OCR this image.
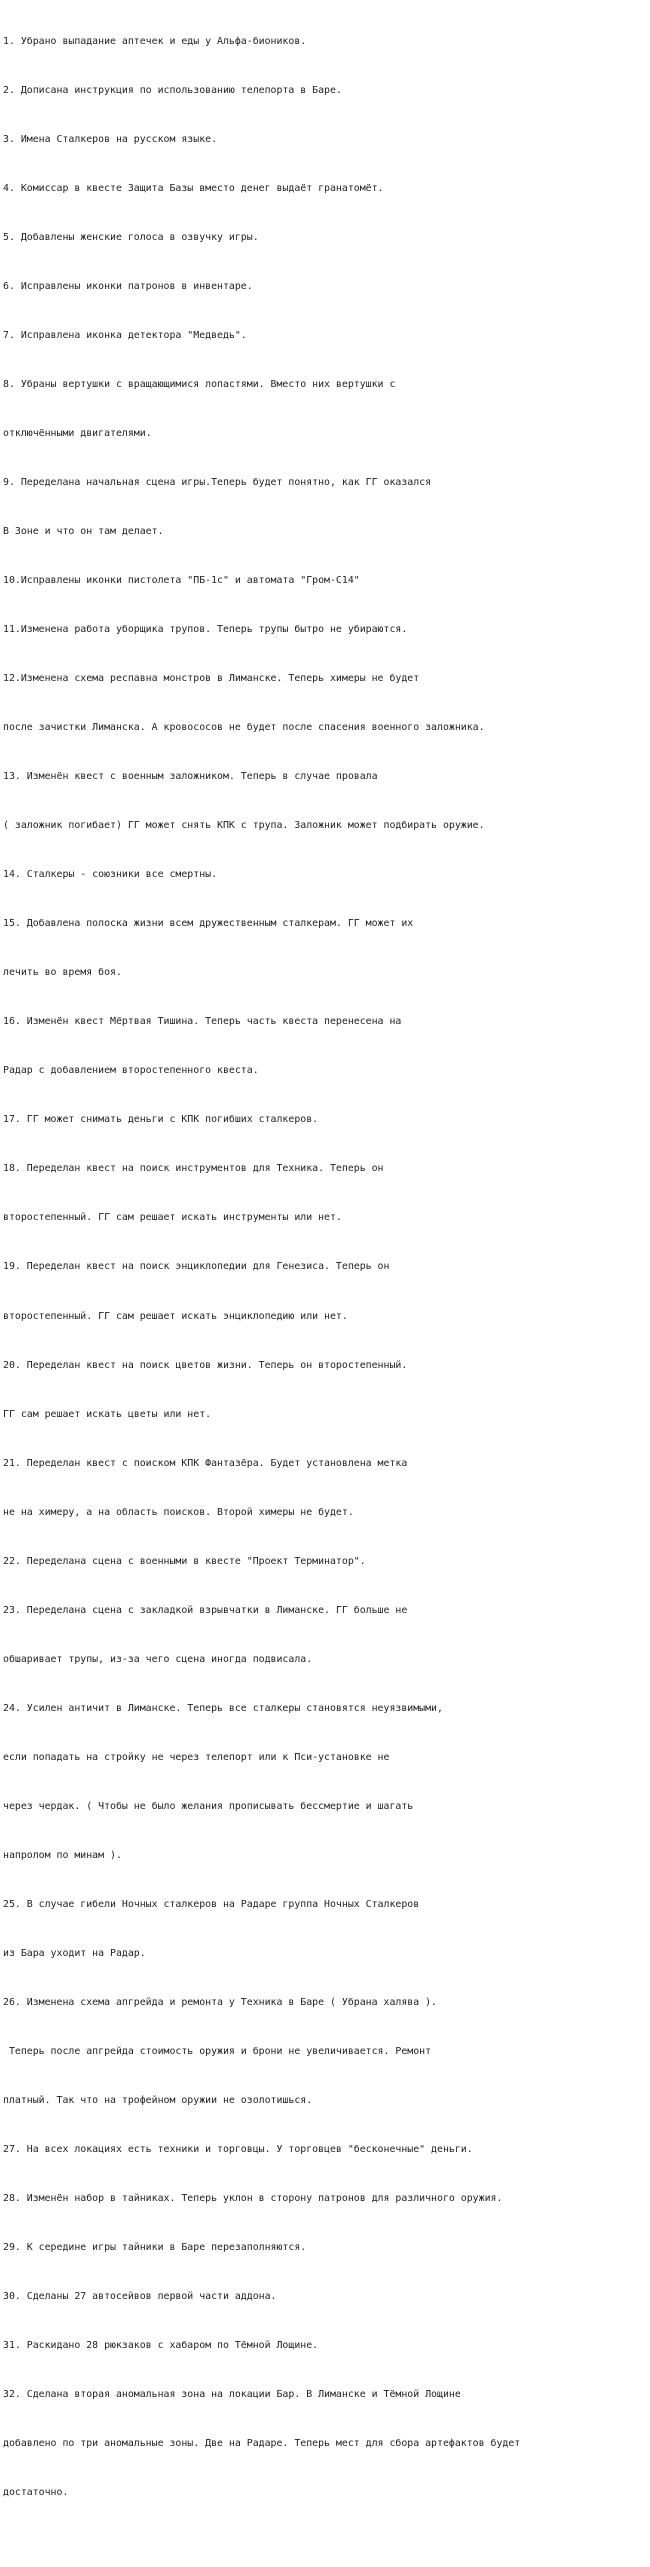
1. Убрано выпадание аптечек и еды у Альфа-биоников.

2. Дописана инструкция по использованию телепорта в Баре.

3. Имена Сталкеров на русском языке.

4. Комиссар в квесте Защита Базы вместо денег выдаёт гранатомёт.

5. Добавлены женские голоса в озвучку игры.

6. Исправлены иконки патронов в инвентаре.

7. Исправлена иконка детектора "Медведь".

8. Убраны вертушки с вращающимися лопастями. Вместо них вертушки с

отключёнными двигателями.

9. Переделана начальная сцена игры.Теперь будет понятно, как ГГ оказался

В Зоне и что он там делает.

10.Исправлены иконки пистолета "ПБ-1с" и автомата "Гром-С14"

11.Изменена работа уборщика трупов. Теперь трупы бытро не убираются.

12.Изменена схема респавна монстров в Лиманске. Теперь химеры не будет

после зачистки Лиманска. А кровососов не будет после спасения военного заложника.

13. Изменён квест с военным заложником. Теперь в случае провала

( заложник погибает) ГГ может снять КПК с трупа. Заложник может подбирать оружие.

14. Сталкеры - союзники все смертны.

15. Добавлена полоска жизни всем дружественным сталкерам. ГГ может их

лечить во время боя.

16. Изменён квест Мёртвая Тишина. Теперь часть квеста перенесена на

Радар с добавлением второстепенного квеста.

17. ГГ может снимать деньги с КПК погибших сталкеров.

18. Переделан квест на поиск инструментов для Техника. Теперь он

второстепенный. ГГ сам решает искать инструменты или нет.

19. Переделан квест на поиск энциклопедии для Генезиса. Теперь он

второстепенный. ГГ сам решает искать энциклопедию или нет.

20. Переделан квест на поиск цветов жизни. Теперь он второстепенный.

ГГ сам решает искать цветы или нет.

21. Переделан квест с поиском КПК Фантазёра. Будет установлена метка

не на химеру, а на область поисков. Второй химеры не будет.

22. Переделана сцена с военными в квесте "Проект Терминатор".

23. Переделана сцена с закладкой взрывчатки в Лиманске. ГГ больше не

обшаривает трупы, из-за чего сцена иногда подвисала.

24. Усилен античит в Лиманске. Теперь все сталкеры становятся неуязвимыми,

если попадать на стройку не через телепорт или к Пси-установке не

через чердак. ( Чтобы не было желания прописывать бессмертие и шагать

напролом по минам ).

25. В случае гибели Ночных сталкеров на Радаре группа Ночных Сталкеров

из Бара уходит на Радар.

26. Изменена схема апгрейда и ремонта у Техника в Баре ( Убрана халява ).

Теперь после апгрейда стоимость оружия и брони не увеличивается. Ремонт

платный. Так что на трофейном оружии не озолотишься.

27. На всех локациях есть техники и торговцы. У торговцев "бесконечные" деньги.

28. Изменён набор в тайниках. Теперь уклон в сторону патронов для различного оружия.

29. К середине игры тайники в Баре перезаполняются.

30. Сделаны 27 автосейвов первой части аддона.

31. Раскидано 28 рюкзаков с хабаром по Тёмной Лощине.

32. Сделана вторая аномальная зона на локации Бар. В Лиманске и Тёмной Лощине

добавлено по три аномальные зоны. Две на Радаре. Теперь мест для сбора артефактов будет

достаточно.
